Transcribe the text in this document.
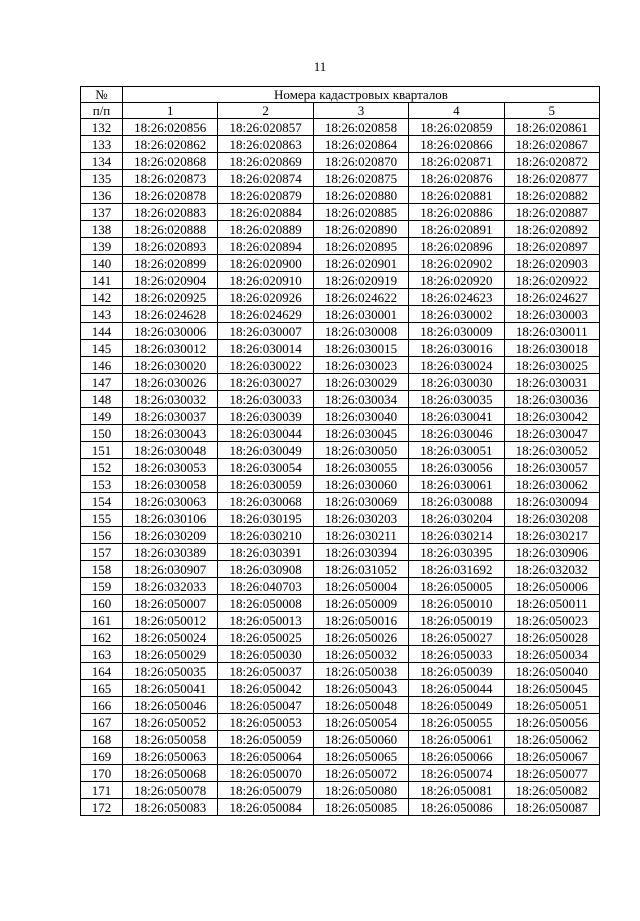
11
№	Номера кадастровых кварталов				
п/п	1	2	3	4	5
132	18:26:020856	18:26:020857	18:26:020858	18:26:020859	18:26:020861
133	18:26:020862	18:26:020863	18:26:020864	18:26:020866	18:26:020867
134	18:26:020868	18:26:020869	18:26:020870	18:26:020871	18:26:020872
135	18:26:020873	18:26:020874	18:26:020875	18:26:020876	18:26:020877
136	18:26:020878	18:26:020879	18:26:020880	18:26:020881	18:26:020882
137	18:26:020883	18:26:020884	18:26:020885	18:26:020886	18:26:020887
138	18:26:020888	18:26:020889	18:26:020890	18:26:020891	18:26:020892
139	18:26:020893	18:26:020894	18:26:020895	18:26:020896	18:26:020897
140	18:26:020899	18:26:020900	18:26:020901	18:26:020902	18:26:020903
141	18:26:020904	18:26:020910	18:26:020919	18:26:020920	18:26:020922
142	18:26:020925	18:26:020926	18:26:024622	18:26:024623	18:26:024627
143	18:26:024628	18:26:024629	18:26:030001	18:26:030002	18:26:030003
144	18:26:030006	18:26:030007	18:26:030008	18:26:030009	18:26:030011
145	18:26:030012	18:26:030014	18:26:030015	18:26:030016	18:26:030018
146	18:26:030020	18:26:030022	18:26:030023	18:26:030024	18:26:030025
147	18:26:030026	18:26:030027	18:26:030029	18:26:030030	18:26:030031
148	18:26:030032	18:26:030033	18:26:030034	18:26:030035	18:26:030036
149	18:26:030037	18:26:030039	18:26:030040	18:26:030041	18:26:030042
150	18:26:030043	18:26:030044	18:26:030045	18:26:030046	18:26:030047
151	18:26:030048	18:26:030049	18:26:030050	18:26:030051	18:26:030052
152	18:26:030053	18:26:030054	18:26:030055	18:26:030056	18:26:030057
153	18:26:030058	18:26:030059	18:26:030060	18:26:030061	18:26:030062
154	18:26:030063	18:26:030068	18:26:030069	18:26:030088	18:26:030094
155	18:26:030106	18:26:030195	18:26:030203	18:26:030204	18:26:030208
156	18:26:030209	18:26:030210	18:26:030211	18:26:030214	18:26:030217
157	18:26:030389	18:26:030391	18:26:030394	18:26:030395	18:26:030906
158	18:26:030907	18:26:030908	18:26:031052	18:26:031692	18:26:032032
159	18:26:032033	18:26:040703	18:26:050004	18:26:050005	18:26:050006
160	18:26:050007	18:26:050008	18:26:050009	18:26:050010	18:26:050011
161	18:26:050012	18:26:050013	18:26:050016	18:26:050019	18:26:050023
162	18:26:050024	18:26:050025	18:26:050026	18:26:050027	18:26:050028
163	18:26:050029	18:26:050030	18:26:050032	18:26:050033	18:26:050034
164	18:26:050035	18:26:050037	18:26:050038	18:26:050039	18:26:050040
165	18:26:050041	18:26:050042	18:26:050043	18:26:050044	18:26:050045
166	18:26:050046	18:26:050047	18:26:050048	18:26:050049	18:26:050051
167	18:26:050052	18:26:050053	18:26:050054	18:26:050055	18:26:050056
168	18:26:050058	18:26:050059	18:26:050060	18:26:050061	18:26:050062
169	18:26:050063	18:26:050064	18:26:050065	18:26:050066	18:26:050067
170	18:26:050068	18:26:050070	18:26:050072	18:26:050074	18:26:050077
171	18:26:050078	18:26:050079	18:26:050080	18:26:050081	18:26:050082
172	18:26:050083	18:26:050084	18:26:050085	18:26:050086	18:26:050087
